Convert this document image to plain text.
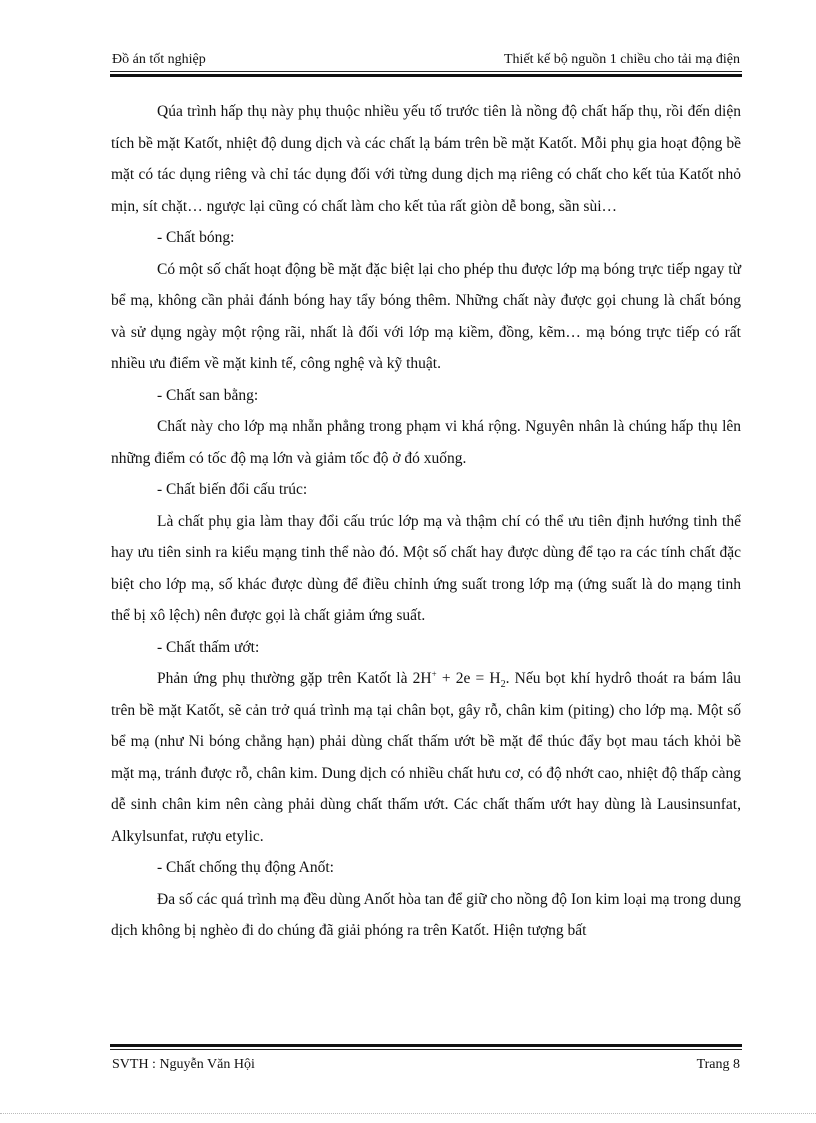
Đồ án tốt nghiệp	Thiết kế bộ nguồn 1 chiều cho tải mạ điện

Qúa trình hấp thụ này phụ thuộc nhiều yếu tố trước tiên là nồng độ chất hấp thụ, rồi đến diện tích bề mặt Katốt, nhiệt độ dung dịch và các chất lạ bám trên bề mặt Katốt. Mỗi phụ gia hoạt động bề mặt có tác dụng riêng và chỉ tác dụng đối với từng dung dịch mạ riêng có chất cho kết tủa Katốt nhỏ mịn, sít chặt… ngược lại cũng có chất làm cho kết tủa rất giòn dễ bong, sần sùi…

- Chất bóng:

Có một số chất hoạt động bề mặt đặc biệt lại cho phép thu được lớp mạ bóng trực tiếp ngay từ bể mạ, không cần phải đánh bóng hay tẩy bóng thêm. Những chất này được gọi chung là chất bóng và sử dụng ngày một rộng rãi, nhất là đối với lớp mạ kiềm, đồng, kẽm… mạ bóng trực tiếp có rất nhiều ưu điểm về mặt kinh tế, công nghệ và kỹ thuật.

- Chất san bằng:

Chất này cho lớp mạ nhẵn phẳng trong phạm vi khá rộng. Nguyên nhân là chúng hấp thụ lên những điểm có tốc độ mạ lớn và giảm tốc độ ở đó xuống.

- Chất biến đổi cấu trúc:

Là chất phụ gia làm thay đổi cấu trúc lớp mạ và thậm chí có thể ưu tiên định hướng tinh thể hay ưu tiên sinh ra kiểu mạng tinh thể nào đó. Một số chất hay được dùng để tạo ra các tính chất đặc biệt cho lớp mạ, số khác được dùng để điều chỉnh ứng suất trong lớp mạ (ứng suất là do mạng tinh thể bị xô lệch) nên được gọi là chất giảm ứng suất.

- Chất thấm ướt:

Phản ứng phụ thường gặp trên Katốt là $2H^+ + 2e = H_2$. Nếu bọt khí hydrô thoát ra bám lâu trên bề mặt Katốt, sẽ cản trở quá trình mạ tại chân bọt, gây rỗ, chân kim (piting) cho lớp mạ. Một số bể mạ (như Ni bóng chẳng hạn) phải dùng chất thấm ướt bề mặt để thúc đẩy bọt mau tách khỏi bề mặt mạ, tránh được rỗ, chân kim. Dung dịch có nhiều chất hưu cơ, có độ nhớt cao, nhiệt độ thấp càng dễ sinh chân kim nên càng phải dùng chất thấm ướt. Các chất thấm ướt hay dùng là Lausinsunfat, Alkylsunfat, rượu etylic.

- Chất chống thụ động Anốt:

Đa số các quá trình mạ đều dùng Anốt hòa tan để giữ cho nồng độ Ion kim loại mạ trong dung dịch không bị nghèo đi do chúng đã giải phóng ra trên Katốt. Hiện tượng bất

SVTH : Nguyễn Văn Hội	Trang 8
